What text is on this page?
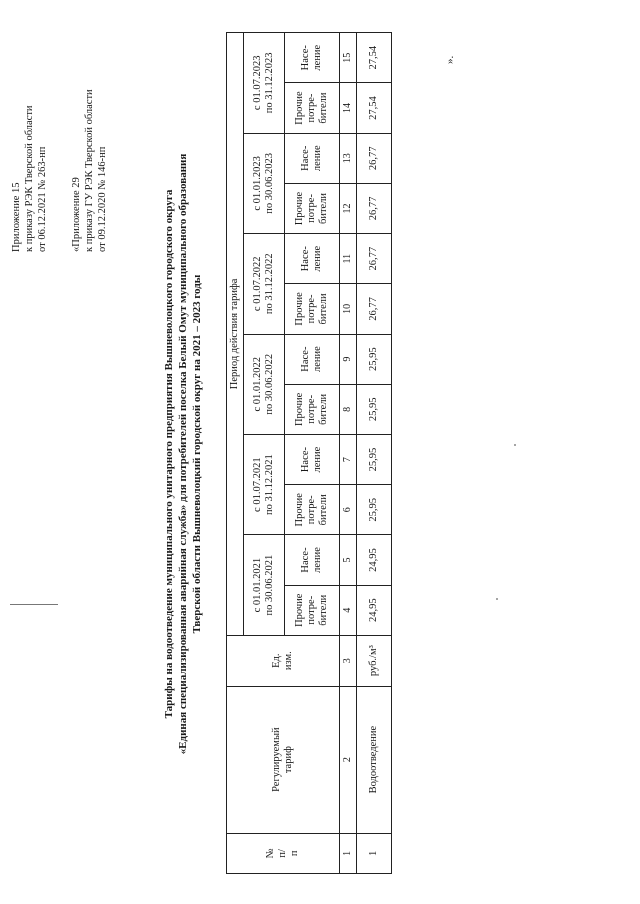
Приложение 15 к приказу РЭК Тверской области от 06.12.2021 № 263-нп «Приложение 29 к приказу ГУ РЭК Тверской области от 09.12.2020 № 146-нп	Тарифы на водоотведение муниципального унитарного предприятия Вышневолоцкого городского округа «Единая специализированная аварийная служба» для потребителей поселка Белый Омут муниципального образования Тверской области Вышневолоцкий городской округ на 2021 – 2023 годы
№ п/ п	Регулируемый тариф	Ед. изм.	Период действия тарифа											

			с 01.01.2021 по 30.06.2021		с 01.07.2021 по 31.12.2021		с 01.01.2022 по 30.06.2022		с 01.07.2022 по 31.12.2022		с 01.01.2023 по 30.06.2023		с 01.07.2023 по 31.12.2023	

			Прочие потре- бители	Насе- ление	Прочие потре- бители	Насе- ление	Прочие потре- бители	Насе- ление	Прочие потре- бители	Насе- ление	Прочие потре- бители	Насе- ление	Прочие потре- бители	Насе- ление

1	2	3	4	5	6	7	8	9	10	11	12	13	14	15
1	Водоотведение	руб./м³	24,95	24,95	25,95	25,95	25,95	25,95	26,77	26,77	26,77	26,77	27,54	27,54	».
